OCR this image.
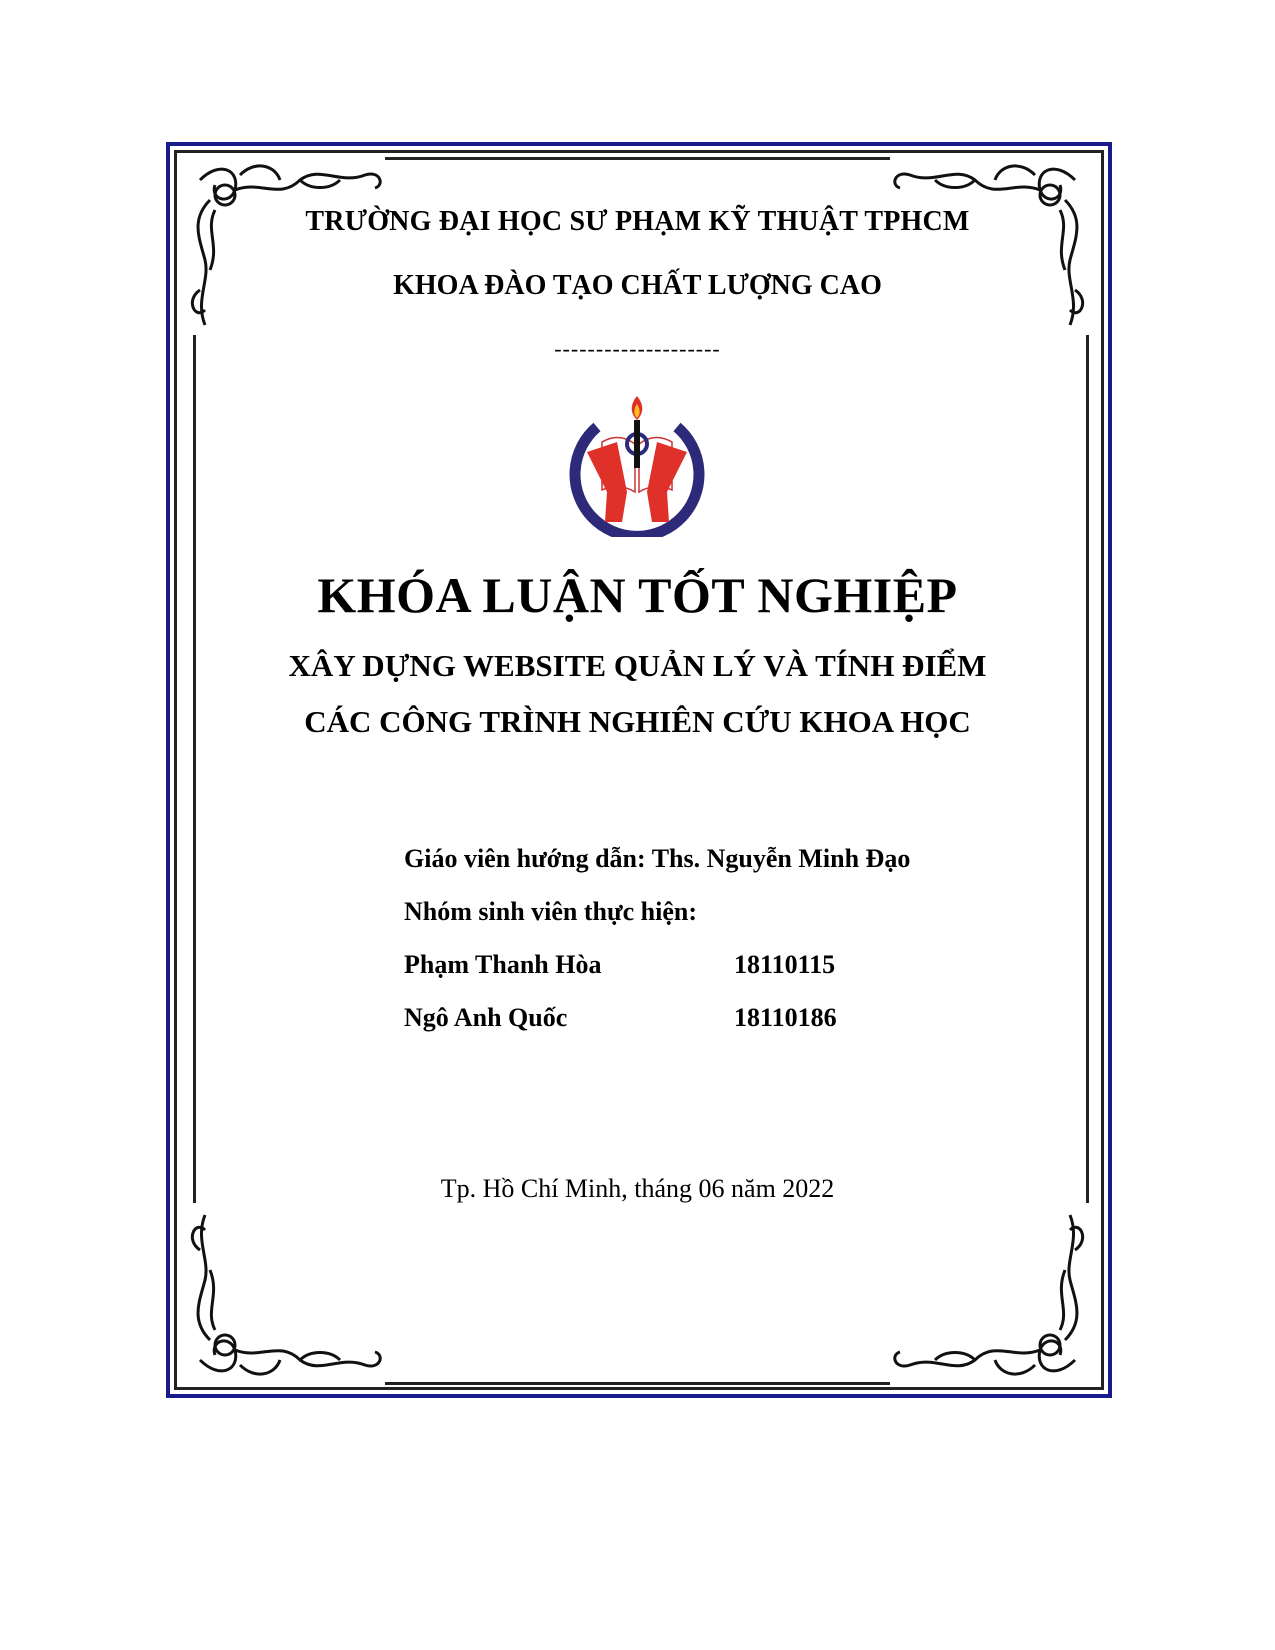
TRƯỜNG ĐẠI HỌC SƯ PHẠM KỸ THUẬT TPHCM
KHOA ĐÀO TẠO CHẤT LƯỢNG CAO
--------------------
KHÓA LUẬN TỐT NGHIỆP
XÂY DỰNG WEBSITE QUẢN LÝ VÀ TÍNH ĐIỂM
CÁC CÔNG TRÌNH NGHIÊN CỨU KHOA HỌC
Giáo viên hướng dẫn: Ths. Nguyễn Minh Đạo
Nhóm sinh viên thực hiện:
Phạm Thanh Hòa	18110115
Ngô Anh Quốc	18110186
Tp. Hồ Chí Minh, tháng 06 năm 2022
